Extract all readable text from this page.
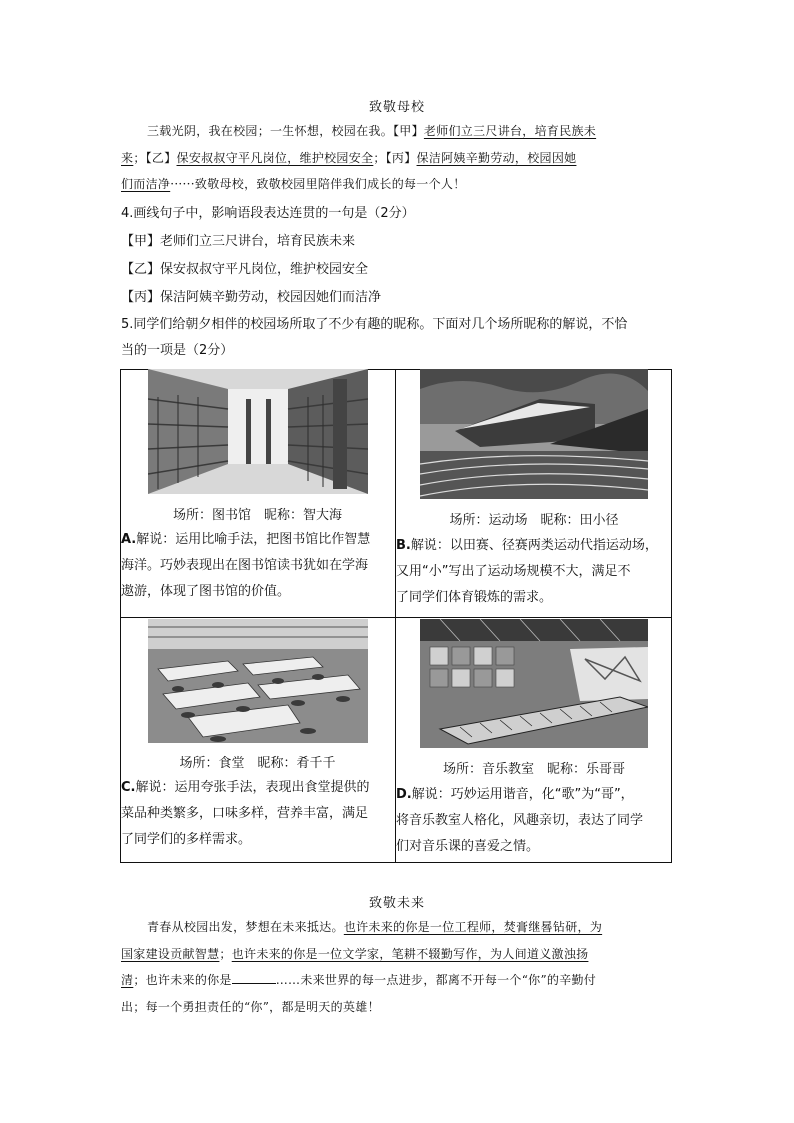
致敬母校
三载光阴，我在校园；一生怀想，校园在我。【甲】老师们立三尺讲台，培育民族未
来；【乙】保安叔叔守平凡岗位，维护校园安全；【丙】保洁阿姨辛勤劳动，校园因她
们而洁净······致敬母校，致敬校园里陪伴我们成长的每一个人！
4.画线句子中，影响语段表达连贯的一句是（2分）
【甲】老师们立三尺讲台，培育民族未来
【乙】保安叔叔守平凡岗位，维护校园安全
【丙】保洁阿姨辛勤劳动，校园因她们而洁净
5.同学们给朝夕相伴的校园场所取了不少有趣的昵称。下面对几个场所昵称的解说，不恰
当的一项是（2分）
场所：图书馆　昵称：智大海
A.解说：运用比喻手法，把图书馆比作智慧
海洋。巧妙表现出在图书馆读书犹如在学海
遨游，体现了图书馆的价值。
场所：运动场　昵称：田小径
B.解说：以田赛、径赛两类运动代指运动场，
又用“小”写出了运动场规模不大，满足不
了同学们体育锻炼的需求。
场所：食堂　昵称：肴千千
C.解说：运用夸张手法，表现出食堂提供的
菜品种类繁多，口味多样，营养丰富，满足
了同学们的多样需求。
场所：音乐教室　昵称：乐哥哥
D.解说：巧妙运用谐音，化“歌”为“哥”，
将音乐教室人格化，风趣亲切，表达了同学
们对音乐课的喜爱之情。
致敬未来
青春从校园出发，梦想在未来抵达。也许未来的你是一位工程师，焚膏继晷钻研，为
国家建设贡献智慧；也许未来的你是一位文学家，笔耕不辍勤写作，为人间道义激浊扬
清；也许未来的你是	……未来世界的每一点进步，都离不开每一个“你”的辛勤付
出；每一个勇担责任的“你”，都是明天的英雄！
